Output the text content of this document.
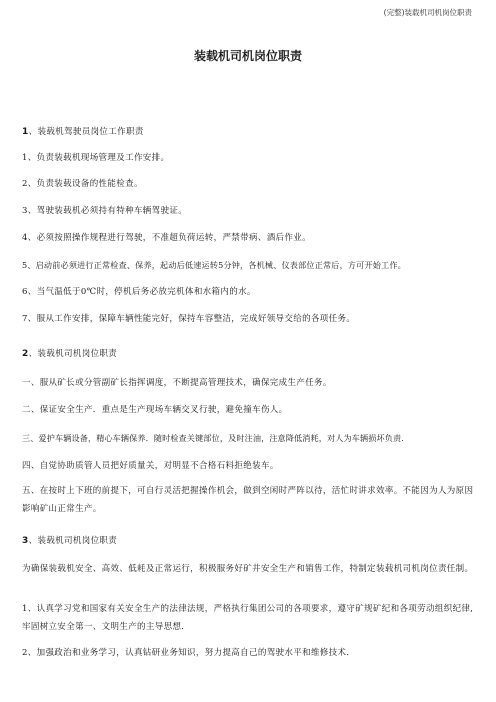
(完整)装载机司机岗位职责
装载机司机岗位职责
1、装载机驾驶员岗位工作职责
1、负责装载机现场管理及工作安排。
2、负责装载设备的性能检查。
3、驾驶装载机必须持有特种车辆驾驶证。
4、必须按照操作规程进行驾驶，不准超负荷运转，严禁带病、酒后作业。
5、启动前必须进行正常检查、保养，起动后低速运转5分钟，各机械、仪表部位正常后，方可开始工作。
6、当气温低于0℃时，停机后务必放完机体和水箱内的水。
7、服从工作安排，保障车辆性能完好，保持车容整洁，完成好领导交给的各项任务。
2、装载机司机岗位职责
一、服从矿长或分管副矿长指挥调度，不断提高管理技术，确保完成生产任务。
二、保证安全生产．重点是生产现场车辆交叉行驶，避免撞车伤人。
三、爱护车辆设备，精心车辆保养．随时检查关键部位，及时注油，注意降低消耗，对人为车辆损坏负责．
四、自觉协助质管人员把好质量关，对明显不合格石料拒绝装车。
五、在按时上下班的前提下，可自行灵活把握操作机会，做到空闲时严阵以待，活忙时讲求效率。不能因为人为原因影响矿山正常生产。
3、装载机司机岗位职责
为确保装载机安全、高效、低耗及正常运行，积极服务好矿井安全生产和销售工作，特制定装载机司机岗位责任制。
1、认真学习党和国家有关安全生产的法律法规，严格执行集团公司的各项要求，遵守矿规矿纪和各项劳动组织纪律,牢固树立安全第一、文明生产的主导思想．
2、加强政治和业务学习，认真钻研业务知识，努力提高自己的驾驶水平和维修技术．
